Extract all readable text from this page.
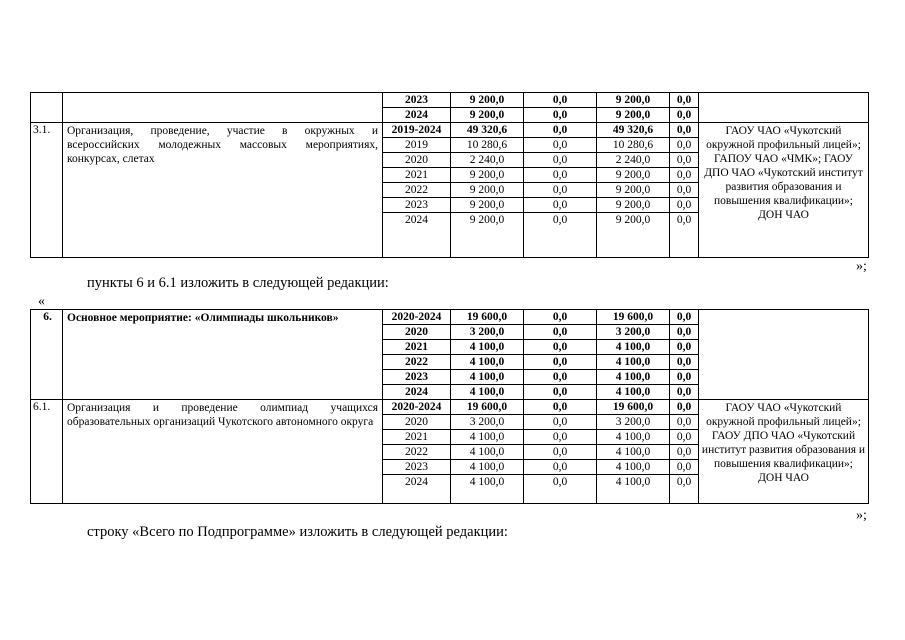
		2023	9 200,0	0,0	9 200,0	0,0	
		2024	9 200,0	0,0	9 200,0	0,0	
3.1.	Организация, проведение, участие в окружных и всероссийских молодежных массовых мероприятиях, конкурсах, слетах	2019-2024	49 320,6	0,0	49 320,6	0,0	ГАОУ ЧАО «Чукотский окружной профильный лицей»; ГАПОУ ЧАО «ЧМК»; ГАОУ ДПО ЧАО «Чукотский институт развития образования и повышения квалификации»; ДОН ЧАО
		2019	10 280,6	0,0	10 280,6	0,0	
		2020	2 240,0	0,0	2 240,0	0,0	
		2021	9 200,0	0,0	9 200,0	0,0	
		2022	9 200,0	0,0	9 200,0	0,0	
		2023	9 200,0	0,0	9 200,0	0,0	
		2024	9 200,0	0,0	9 200,0	0,0	
»;
пункты 6 и 6.1 изложить в следующей редакции:
«
6.	Основное мероприятие: «Олимпиады школьников»	2020-2024	19 600,0	0,0	19 600,0	0,0	
		2020	3 200,0	0,0	3 200,0	0,0	
		2021	4 100,0	0,0	4 100,0	0,0	
		2022	4 100,0	0,0	4 100,0	0,0	
		2023	4 100,0	0,0	4 100,0	0,0	
		2024	4 100,0	0,0	4 100,0	0,0	
6.1.	Организация и проведение олимпиад учащихся образовательных организаций Чукотского автономного округа	2020-2024	19 600,0	0,0	19 600,0	0,0	ГАОУ ЧАО «Чукотский окружной профильный лицей»; ГАОУ ДПО ЧАО «Чукотский институт развития образования и повышения квалификации»; ДОН ЧАО
		2020	3 200,0	0,0	3 200,0	0,0	
		2021	4 100,0	0,0	4 100,0	0,0	
		2022	4 100,0	0,0	4 100,0	0,0	
		2023	4 100,0	0,0	4 100,0	0,0	
		2024	4 100,0	0,0	4 100,0	0,0	
»;
строку «Всего по Подпрограмме» изложить в следующей редакции:
